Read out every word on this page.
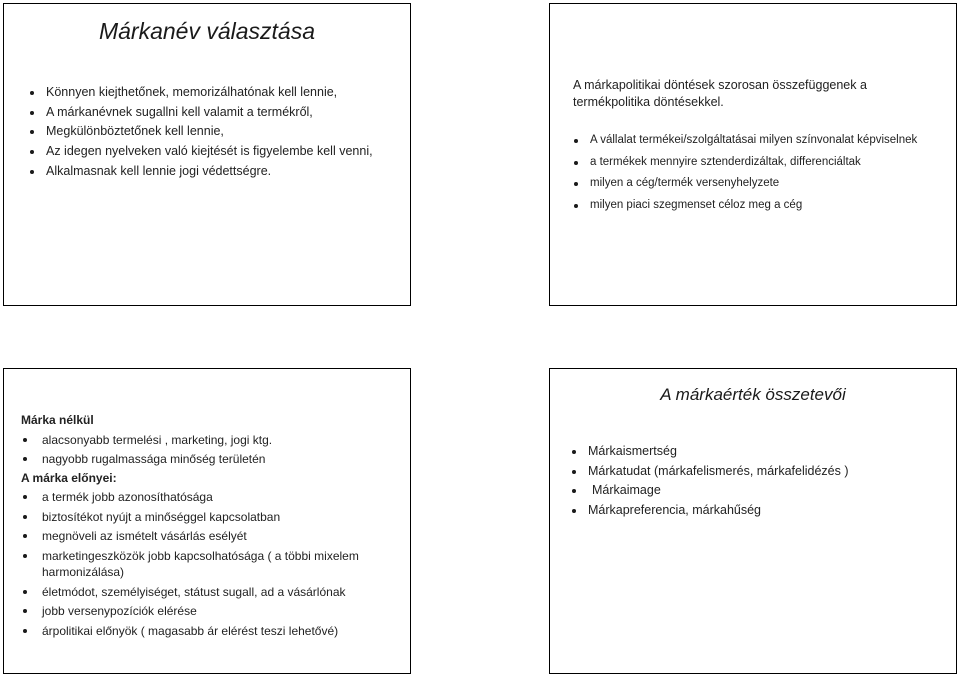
Márkanév választása
Könnyen kiejthetőnek, memorizálhatónak kell lennie,
A márkanévnek sugallni kell valamit a termékről,
Megkülönböztetőnek kell lennie,
Az idegen nyelveken való kiejtését is figyelembe kell venni,
Alkalmasnak kell lennie jogi védettségre.
A márkapolitikai döntések szorosan összefüggenek a termékpolitika döntésekkel.
A vállalat termékei/szolgáltatásai milyen színvonalat képviselnek
a termékek mennyire sztenderdizáltak, differenciáltak
milyen a cég/termék versenyhelyzete
milyen piaci szegmenset céloz meg a cég
Márka nélkül
alacsonyabb termelési , marketing, jogi ktg.
nagyobb rugalmassága minőség területén
A márka előnyei:
a termék jobb azonosíthatósága
biztosítékot nyújt a minőséggel kapcsolatban
megnöveli az ismételt vásárlás esélyét
marketingeszközök jobb kapcsolhatósága ( a többi mixelem harmonizálása)
életmódot, személyiséget, státust sugall, ad a vásárlónak
jobb versenypozíciók elérése
árpolitikai előnyök ( magasabb ár elérést teszi lehetővé)
A márkaérték összetevői
Márkaismertség
Márkatudat (márkafelismerés, márkafelidézés )
Márkaimage
Márkapreferencia, márkahűség
